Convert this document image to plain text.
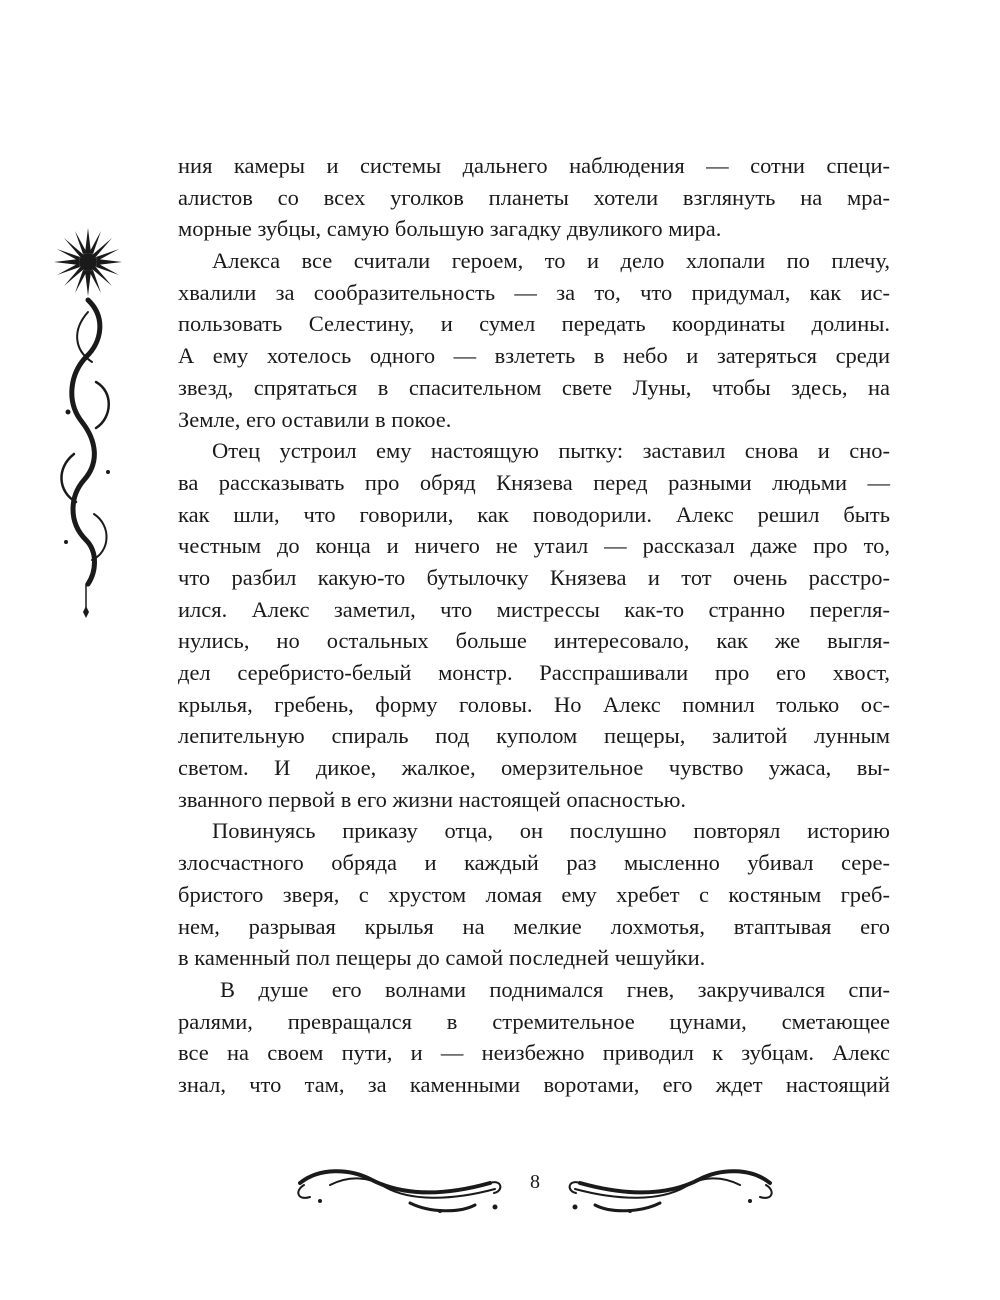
ния камеры и системы дальнего наблюдения — сотни специ-
алистов со всех уголков планеты хотели взглянуть на мра-
морные зубцы, самую большую загадку двуликого мира.
Алекса все считали героем, то и дело хлопали по плечу,
хвалили за сообразительность — за то, что придумал, как ис-
пользовать Селестину, и сумел передать координаты долины.
А ему хотелось одного — взлететь в небо и затеряться среди
звезд, спрятаться в спасительном свете Луны, чтобы здесь, на
Земле, его оставили в покое.
Отец устроил ему настоящую пытку: заставил снова и сно-
ва рассказывать про обряд Князева перед разными людьми —
как шли, что говорили, как поводорили. Алекс решил быть
честным до конца и ничего не утаил — рассказал даже про то,
что разбил какую-то бутылочку Князева и тот очень расстро-
ился. Алекс заметил, что мистрессы как-то странно перегля-
нулись, но остальных больше интересовало, как же выгля-
дел серебристо-белый монстр. Расспрашивали про его хвост,
крылья, гребень, форму головы. Но Алекс помнил только ос-
лепительную спираль под куполом пещеры, залитой лунным
светом. И дикое, жалкое, омерзительное чувство ужаса, вы-
званного первой в его жизни настоящей опасностью.
Повинуясь приказу отца, он послушно повторял историю
злосчастного обряда и каждый раз мысленно убивал сере-
бристого зверя, с хрустом ломая ему хребет с костяным греб-
нем, разрывая крылья на мелкие лохмотья, втаптывая его
в каменный пол пещеры до самой последней чешуйки.
В душе его волнами поднимался гнев, закручивался спи-
ралями, превращался в стремительное цунами, сметающее
все на своем пути, и — неизбежно приводил к зубцам. Алекс
знал, что там, за каменными воротами, его ждет настоящий
8
